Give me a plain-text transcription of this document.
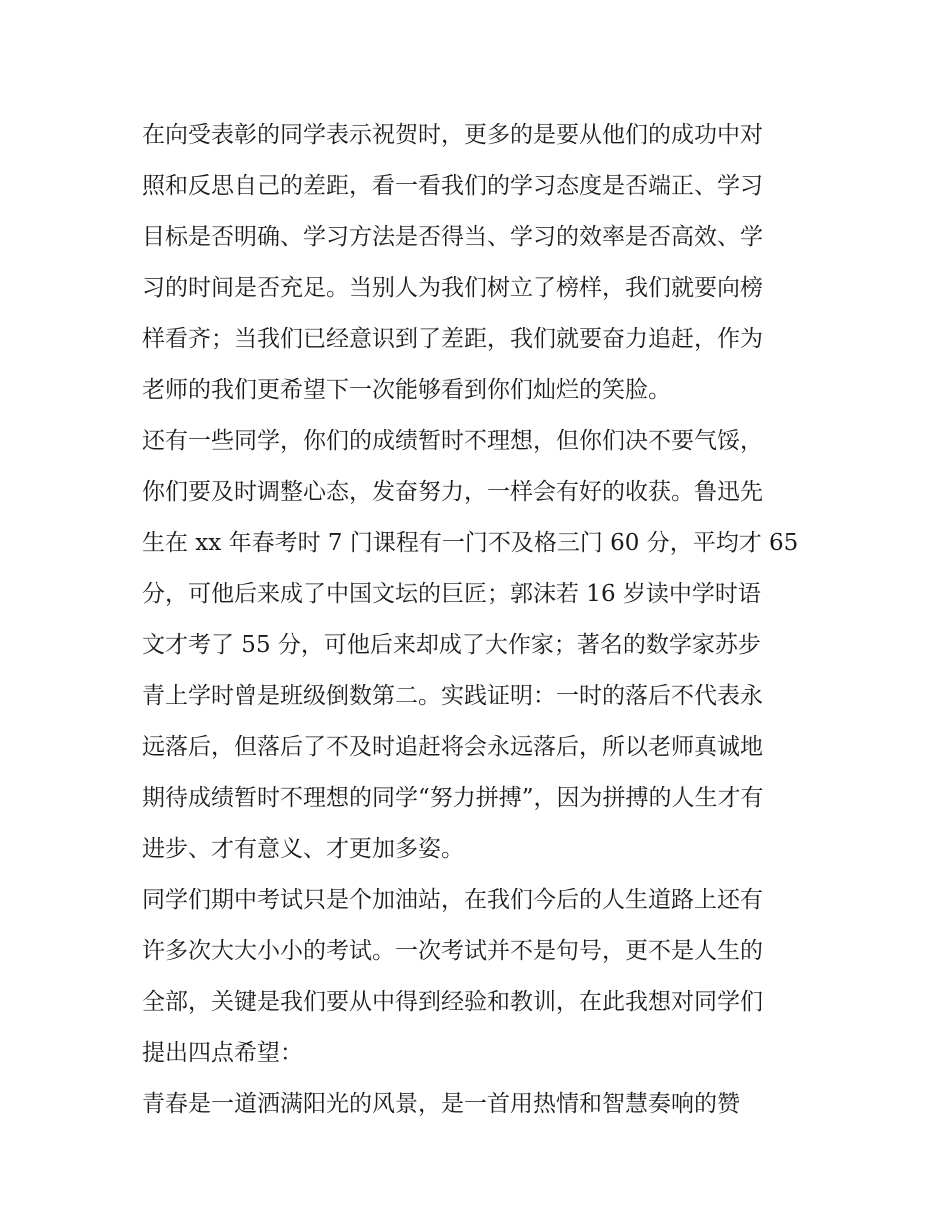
在向受表彰的同学表示祝贺时，更多的是要从他们的成功中对
照和反思自己的差距，看一看我们的学习态度是否端正、学习
目标是否明确、学习方法是否得当、学习的效率是否高效、学
习的时间是否充足。当别人为我们树立了榜样，我们就要向榜
样看齐；当我们已经意识到了差距，我们就要奋力追赶，作为
老师的我们更希望下一次能够看到你们灿烂的笑脸。
还有一些同学，你们的成绩暂时不理想，但你们决不要气馁，
你们要及时调整心态，发奋努力，一样会有好的收获。鲁迅先
生在 xx 年春考时 7 门课程有一门不及格三门 60 分，平均才 65
分，可他后来成了中国文坛的巨匠；郭沫若 16 岁读中学时语
文才考了 55 分，可他后来却成了大作家；著名的数学家苏步
青上学时曾是班级倒数第二。实践证明：一时的落后不代表永
远落后，但落后了不及时追赶将会永远落后，所以老师真诚地
期待成绩暂时不理想的同学“努力拼搏”，因为拼搏的人生才有
进步、才有意义、才更加多姿。
同学们期中考试只是个加油站，在我们今后的人生道路上还有
许多次大大小小的考试。一次考试并不是句号，更不是人生的
全部，关键是我们要从中得到经验和教训，在此我想对同学们
提出四点希望：
青春是一道洒满阳光的风景，是一首用热情和智慧奏响的赞
